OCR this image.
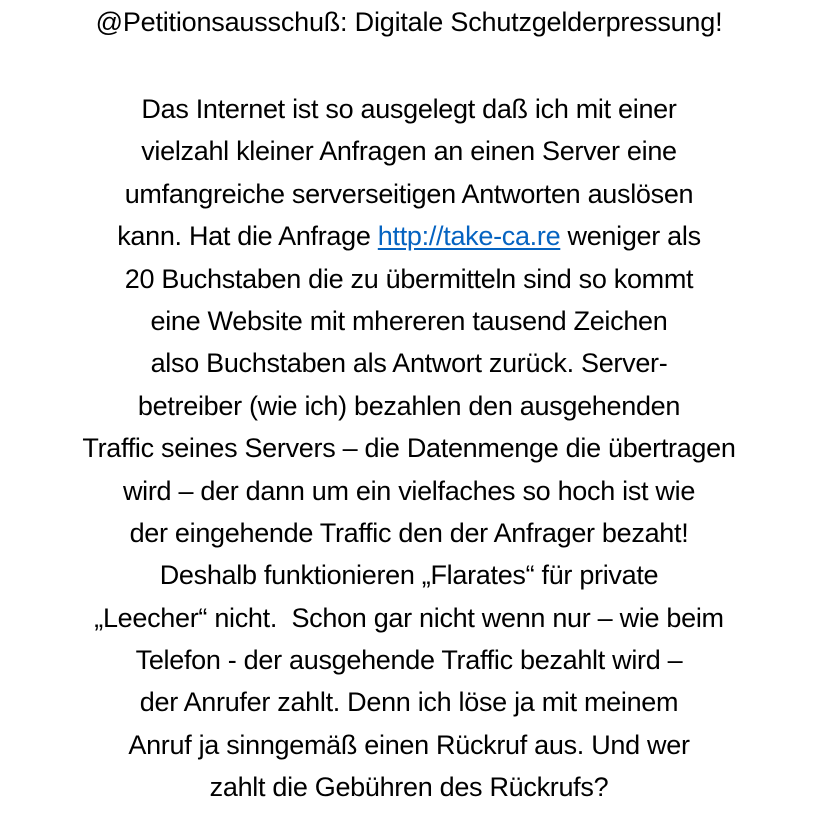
@Petitionsausschuß: Digitale Schutzgelderpressung!
Das Internet ist so ausgelegt daß ich mit einer
vielzahl kleiner Anfragen an einen Server eine
umfangreiche serverseitigen Antworten auslösen
kann. Hat die Anfrage http://take-ca.re weniger als
20 Buchstaben die zu übermitteln sind so kommt
eine Website mit mhereren tausend Zeichen
also Buchstaben als Antwort zurück. Server-
betreiber (wie ich) bezahlen den ausgehenden
Traffic seines Servers – die Datenmenge die übertragen
wird – der dann um ein vielfaches so hoch ist wie
der eingehende Traffic den der Anfrager bezaht!
Deshalb funktionieren „Flarates“ für private
„Leecher“ nicht.  Schon gar nicht wenn nur – wie beim
Telefon - der ausgehende Traffic bezahlt wird –
der Anrufer zahlt. Denn ich löse ja mit meinem
Anruf ja sinngemäß einen Rückruf aus. Und wer
zahlt die Gebühren des Rückrufs?
